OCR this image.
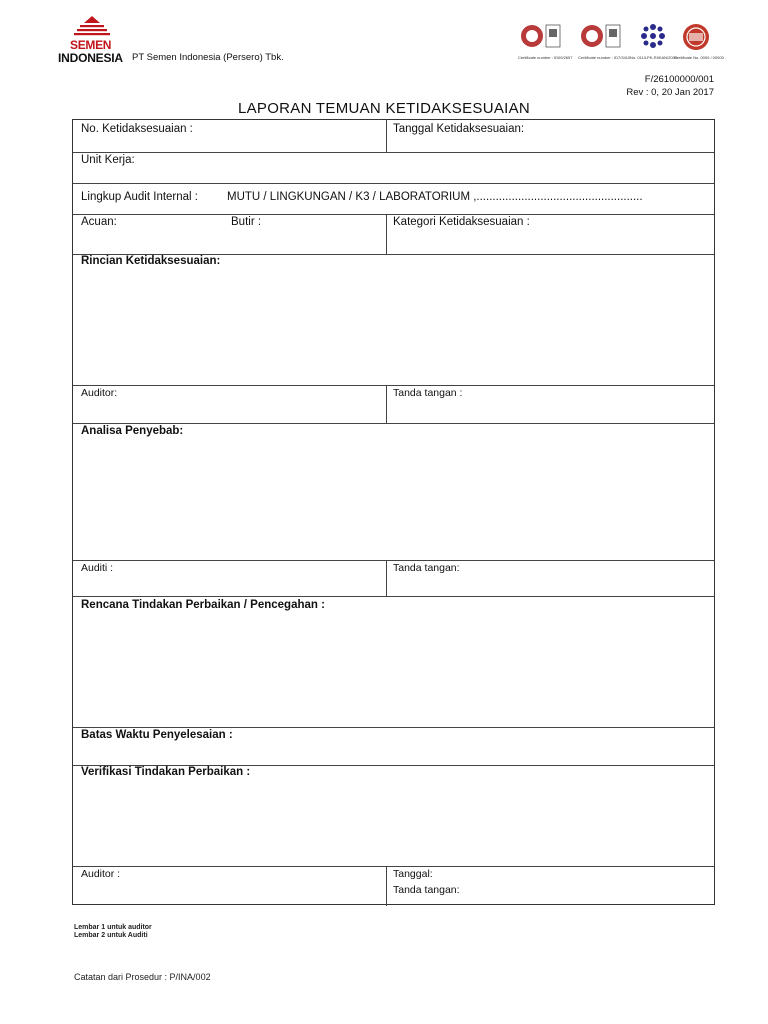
SEMEN
INDONESIA PT Semen Indonesia (Persero) Tbk.	Certificate number : ID09/2657 Certificate number : ID7/3410 No. 011/LPK-RI/KAN/2009
Certificate No. 0000 / 00000
F/26100000/001
Rev : 0, 20 Jan 2017
LAPORAN TEMUAN KETIDAKSESUAIAN
No. Ketidaksesuaian :	Tanggal Ketidaksesuaian:
Unit Kerja:
Lingkup Audit Internal :	MUTU / LINGKUNGAN / K3 / LABORATORIUM ,....................................................
Acuan:	Butir :	Kategori Ketidaksesuaian :
Rincian Ketidaksesuaian:
Auditor:	Tanda tangan :
Analisa Penyebab:
Auditi :	Tanda tangan:
Rencana Tindakan Perbaikan / Pencegahan :
Batas Waktu Penyelesaian :
Verifikasi Tindakan Perbaikan :
Auditor :	Tanggal:
Tanda tangan:
Lembar 1 untuk auditor
Lembar 2 untuk Auditi
Catatan dari Prosedur : P/INA/002
